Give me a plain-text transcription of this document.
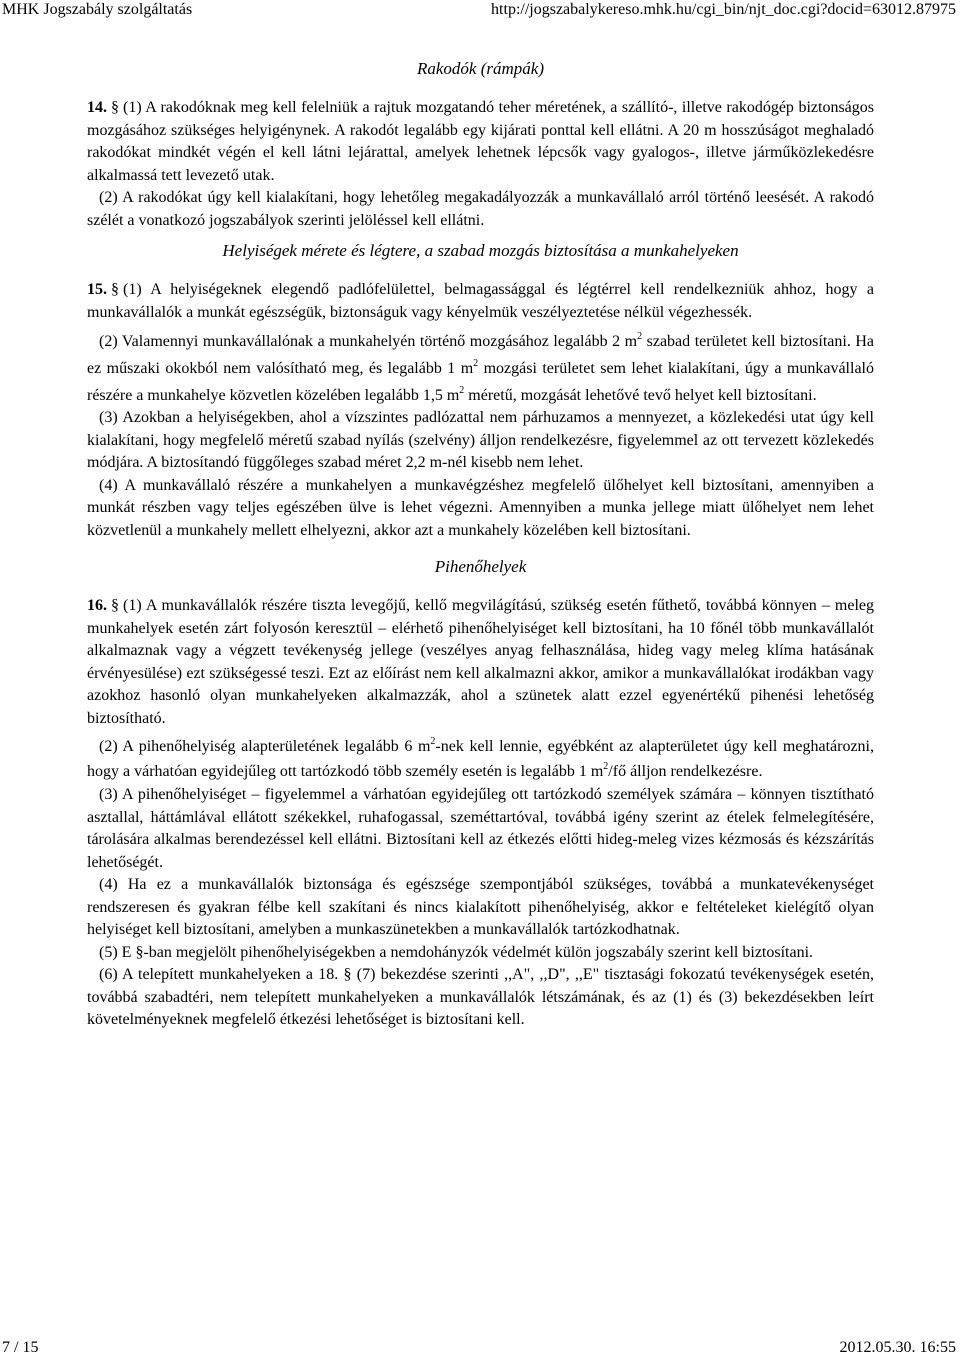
MHK Jogszabály szolgáltatás	http://jogszabalykereso.mhk.hu/cgi_bin/njt_doc.cgi?docid=63012.87975
Rakodók (rámpák)

14. § (1) A rakodóknak meg kell felelniük a rajtuk mozgatandó teher méretének, a szállító-, illetve rakodógép biztonságos mozgásához szükséges helyigénynek. A rakodót legalább egy kijárati ponttal kell ellátni. A 20 m hosszúságot meghaladó rakodókat mindkét végén el kell látni lejárattal, amelyek lehetnek lépcsők vagy gyalogos-, illetve járműközlekedésre alkalmassá tett levezető utak.

(2) A rakodókat úgy kell kialakítani, hogy lehetőleg megakadályozzák a munkavállaló arról történő leesését. A rakodó szélét a vonatkozó jogszabályok szerinti jelöléssel kell ellátni.

Helyiségek mérete és légtere, a szabad mozgás biztosítása a munkahelyeken

15. § (1) A helyiségeknek elegendő padlófelülettel, belmagassággal és légtérrel kell rendelkezniük ahhoz, hogy a munkavállalók a munkát egészségük, biztonságuk vagy kényelmük veszélyeztetése nélkül végezhessék.

(2) Valamennyi munkavállalónak a munkahelyén történő mozgásához legalább 2 $m^2$ szabad területet kell biztosítani. Ha ez műszaki okokból nem valósítható meg, és legalább 1 $m^2$ mozgási területet sem lehet kialakítani, úgy a munkavállaló részére a munkahelye közvetlen közelében legalább 1,5 $m^2$ méretű, mozgását lehetővé tevő helyet kell biztosítani.

(3) Azokban a helyiségekben, ahol a vízszintes padlózattal nem párhuzamos a mennyezet, a közlekedési utat úgy kell kialakítani, hogy megfelelő méretű szabad nyílás (szelvény) álljon rendelkezésre, figyelemmel az ott tervezett közlekedés módjára. A biztosítandó függőleges szabad méret 2,2 m-nél kisebb nem lehet.

(4) A munkavállaló részére a munkahelyen a munkavégzéshez megfelelő ülőhelyet kell biztosítani, amennyiben a munkát részben vagy teljes egészében ülve is lehet végezni. Amennyiben a munka jellege miatt ülőhelyet nem lehet közvetlenül a munkahely mellett elhelyezni, akkor azt a munkahely közelében kell biztosítani.

Pihenőhelyek

16. § (1) A munkavállalók részére tiszta levegőjű, kellő megvilágítású, szükség esetén fűthető, továbbá könnyen – meleg munkahelyek esetén zárt folyosón keresztül – elérhető pihenőhelyiséget kell biztosítani, ha 10 főnél több munkavállalót alkalmaznak vagy a végzett tevékenység jellege (veszélyes anyag felhasználása, hideg vagy meleg klíma hatásának érvényesülése) ezt szükségessé teszi. Ezt az előírást nem kell alkalmazni akkor, amikor a munkavállalókat irodákban vagy azokhoz hasonló olyan munkahelyeken alkalmazzák, ahol a szünetek alatt ezzel egyenértékű pihenési lehetőség biztosítható.

(2) A pihenőhelyiség alapterületének legalább 6 $m^2$-nek kell lennie, egyébként az alapterületet úgy kell meghatározni, hogy a várhatóan egyidejűleg ott tartózkodó több személy esetén is legalább 1 $m^2/fő$ álljon rendelkezésre.

(3) A pihenőhelyiséget – figyelemmel a várhatóan egyidejűleg ott tartózkodó személyek számára – könnyen tisztítható asztallal, háttámlával ellátott székekkel, ruhafogassal, szeméttartóval, továbbá igény szerint az ételek felmelegítésére, tárolására alkalmas berendezéssel kell ellátni. Biztosítani kell az étkezés előtti hideg-meleg vizes kézmosás és kézszárítás lehetőségét.

(4) Ha ez a munkavállalók biztonsága és egészsége szempontjából szükséges, továbbá a munkatevékenységet rendszeresen és gyakran félbe kell szakítani és nincs kialakított pihenőhelyiség, akkor e feltételeket kielégítő olyan helyiséget kell biztosítani, amelyben a munkaszünetekben a munkavállalók tartózkodhatnak.

(5) E §-ban megjelölt pihenőhelyiségekben a nemdohányzók védelmét külön jogszabály szerint kell biztosítani.

(6) A telepített munkahelyeken a 18. § (7) bekezdése szerinti ,,A", ,,D", ,,E" tisztasági fokozatú tevékenységek esetén, továbbá szabadtéri, nem telepített munkahelyeken a munkavállalók létszámának, és az (1) és (3) bekezdésekben leírt követelményeknek megfelelő étkezési lehetőséget is biztosítani kell.

7 / 15	2012.05.30. 16:55
